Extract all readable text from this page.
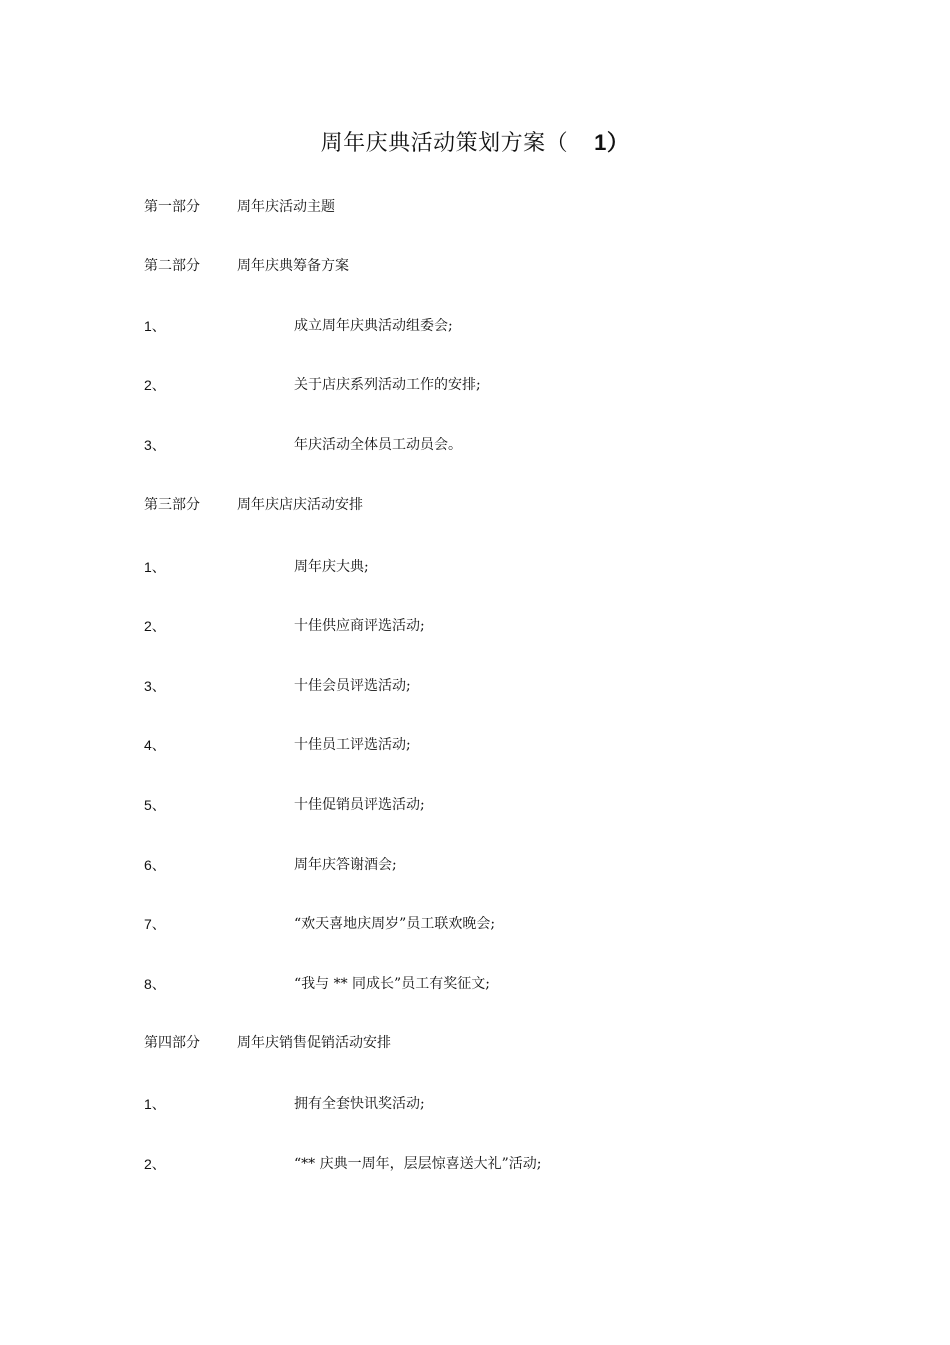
周年庆典活动策划方案（ 1）
第一部分	周年庆活动主题
第二部分	周年庆典筹备方案
1、	成立周年庆典活动组委会;
2、	关于店庆系列活动工作的安排;
3、	年庆活动全体员工动员会。
第三部分	周年庆店庆活动安排
1、	周年庆大典;
2、	十佳供应商评选活动;
3、	十佳会员评选活动;
4、	十佳员工评选活动;
5、	十佳促销员评选活动;
6、	周年庆答谢酒会;
7、	“欢天喜地庆周岁”员工联欢晚会;
8、	“我与 ** 同成长”员工有奖征文;
第四部分	周年庆销售促销活动安排
1、	拥有全套快讯奖活动;
2、	“** 庆典一周年，层层惊喜送大礼”活动;
